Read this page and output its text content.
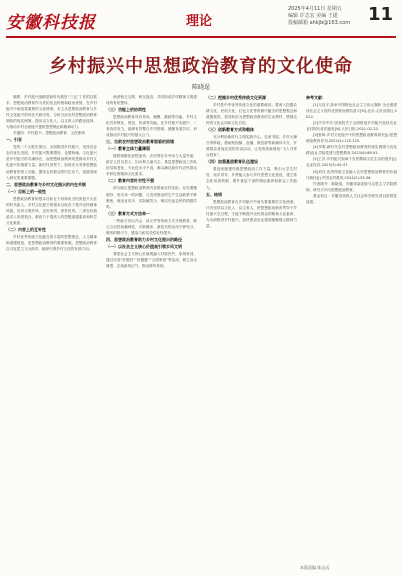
安徽科技报	理论
2025年4月11日 星期五
编辑 许志宏 美编 王银
投稿邮箱 ahkjb@163.com 11
乡村振兴中思想政治教育的文化使命
陈晓逞

摘要：乡村振兴战略是新时代做好“三农”工作的总抓手。思想政治教育作为党的优良传统和政治优势，在乡村振兴中承担着重要的文化使命。本文从思想政治教育与乡村文化振兴的内在关联出发，分析当前农村思想政治教育面临的现实困境，提出以文化人、以文育人的路径选择，为推动乡村全面振兴提供思想保证和精神动力。

关键词：乡村振兴；思想政治教育；文化使命

一、引言

党的二十大报告指出，全面推进乡村振兴，坚持农业农村优先发展。乡村振兴既要塑形，也要铸魂。文化振兴是乡村振兴的灵魂所在，而思想政治教育则是推动乡村文化振兴的重要力量。新时代背景下，如何充分发挥思想政治教育的育人功能，激发农民群众的内生动力，是值得深入研究的重要课题。

二、思想政治教育与乡村文化振兴的内在关联
（一）目标上的一致性

思想政治教育的根本目标在于培养担当民族复兴大任的时代新人，乡村文化振兴的根本目标在于提升农民精神风貌，培育文明乡风、良好家风、淳朴民风。二者在价值追求上高度契合，都致力于提高人的思想道德素质和科学文化素质。

（二）内容上的互补性

乡村优秀传统文化蕴含着丰富的思想观念、人文精神和道德规范，是思想政治教育的重要资源。思想政治教育以马克思主义为指导，能够引领乡村文化的发展方向。

两者相互支撑、相互促进，共同构成乡村精神文明建设的有机整体。

（三）功能上的协同性

思想政治教育具有导向、凝聚、激励等功能，乡村文化具有教化、规范、传承等功能。在乡村振兴实践中，二者协同发力，能够有效整合乡村资源，凝聚发展共识，形成推动乡村振兴的强大合力。

三、当前农村思想政治教育面临的困境
（一）教育主体力量薄弱

随着城镇化进程加快，农村青壮年劳动力大量外流，留守人员以老人、妇女和儿童为主，基层思想政治工作队伍结构老化、专业化水平不高，难以满足新时代农民群众多样化的精神文化需求。

（二）教育内容针对性不强

部分地区思想政治教育内容脱离农村实际，存在照搬照抄、形式单一的问题，与农民群众的生产生活联系不够紧密，理论宣讲多、实际解答少，难以引起农民的情感共鸣。

（三）教育方式方法单一

一些地方仍以开会、读文件等传统方式开展教育，缺乏互动性和趣味性，对新媒体、新技术的运用不够充分，教育的吸引力、感染力和实效性有待提升。

四、思想政治教育助力乡村文化振兴的路径
（一）以社会主义核心价值观引领乡风文明

要把社会主义核心价值观融入村规民约、家规家训，通过评选“好媳妇”“好婆婆”“文明家庭”等活动，树立身边典型，弘扬新风正气，推动移风易俗。

（二）挖掘乡村优秀传统文化资源

乡村是中华优秀传统文化的重要载体。要深入挖掘农耕文化、民俗文化、红色文化等资源中蕴含的思想观念和道德规范，将其转化为思想政治教育的生动教材，增强农民的文化认同和文化自信。

（三）创新教育方式和载体

充分利用新时代文明实践中心、农家书屋、乡村大舞台等阵地，借助短视频、直播、微信群等新媒体平台，开展群众喜闻乐见的宣讲活动，让党的创新理论“飞入寻常百姓家”。

（四）加强基层教育队伍建设

要选优配强村级思想政治工作力量，吸引大学生村官、返乡青年、乡贤能人参与乡村思想文化建设，建立常态化培训机制，提升基层干部的理论素养和群众工作能力。

五、结语

思想政治教育在乡村振兴中肩负着重要的文化使命。只有坚持以文化人、以文育人，把思想政治教育贯穿于乡村振兴全过程，才能不断提升农民群众的精神文化素养，为全面推进乡村振兴、加快建设农业强国凝聚强大精神力量。

参考文献：

[1]习近平.高举中国特色社会主义伟大旗帜 为全面建设社会主义现代化国家而团结奋斗[M].北京:人民出版社,2022.

[2]中共中央 国务院关于全面推进乡村振兴加快农业农村现代化的意见[N].人民日报,2021-02-22.

[3]张琦.乡村文化振兴中的思想政治教育研究[J].思想理论教育导刊,2022(5):120-125.

[4]李明.新时代农村思想政治教育的现实困境与优化路径[J].学校党建与思想教育,2023(8):88-91.

[5]王芳.乡村振兴视域下农民精神文化生活的提升[J].农业经济,2023(3):45-47.

[6]刘洋.优秀传统文化融入农村思想政治教育的价值与路径[J].中国农村教育,2024(2):33-36.

作者简介：陈晓逞，安徽省某高校马克思主义学院教师，研究方向为思想政治教育。

基金项目：安徽省高校人文社会科学研究项目阶段性成果。

本版责编 陈志远
